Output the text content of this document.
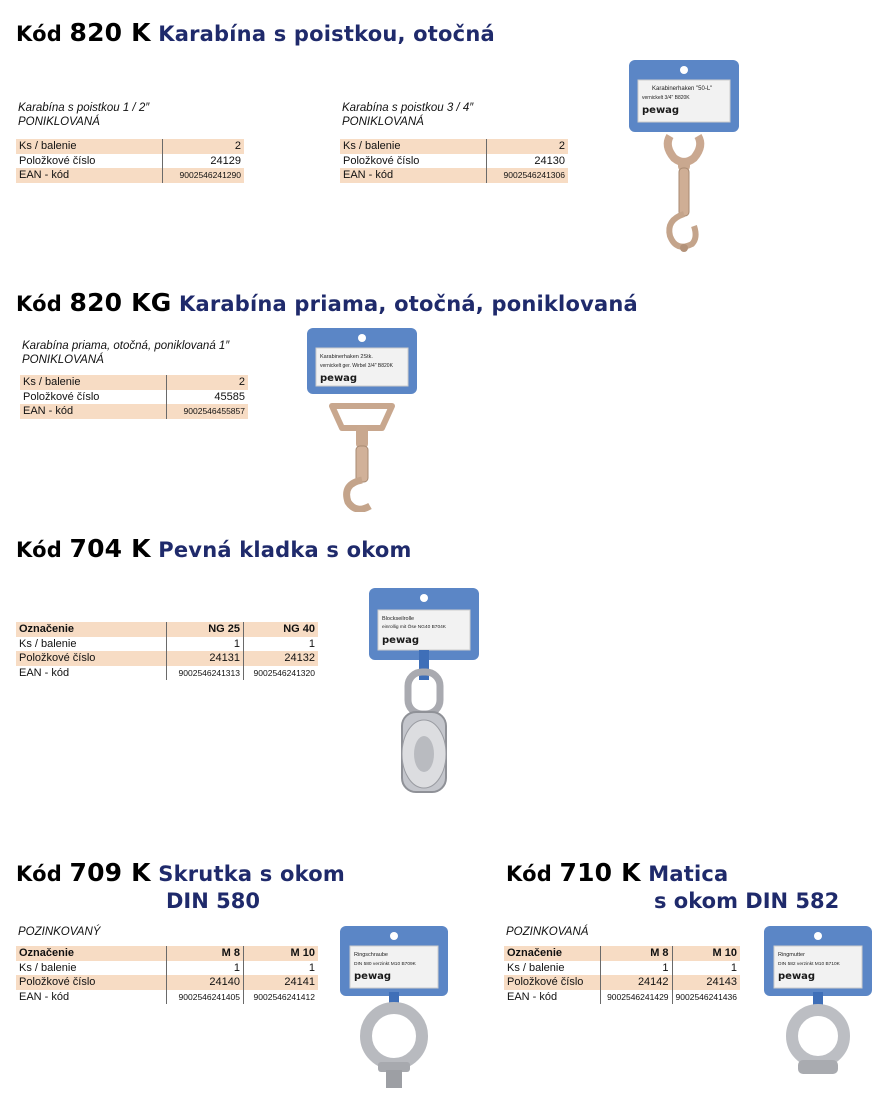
Kód 820 K Karabína s poistkou, otočná
Karabína s poistkou 1 / 2″
PONIKLOVANÁ
Ks / balenie	2
Položkové číslo	24129
EAN - kód	9002546241290
Karabína s poistkou 3 / 4″
PONIKLOVANÁ
Ks / balenie	2
Položkové číslo	24130
EAN - kód	9002546241306
Karabinerhaken "50-L"
vernickelt 3/4" B820K
pewag
Kód 820 KG Karabína priama, otočná, poniklovaná
Karabína priama, otočná, poniklovaná 1″
PONIKLOVANÁ
Ks / balenie	2
Položkové číslo	45585
EAN - kód	9002546455857
Karabinerhaken 2Stk.
vernickelt ger. Wirbel 3/4" B820K
pewag
Kód 704 K Pevná kladka s okom
Označenie	NG 25	NG 40
Ks / balenie	1	1
Položkové číslo	24131	24132
EAN - kód	9002546241313	9002546241320
Blockseilrolle
einrollig mit Öse NG40 B704K
pewag
Kód 709 K Skrutka s okom
DIN 580
POZINKOVANÝ
Označenie	M 8	M 10
Ks / balenie	1	1
Položkové číslo	24140	24141
EAN - kód	9002546241405	9002546241412
Ringschraube
DIN 580 verzinkt M10 B709K
pewag
Kód 710 K Matica
s okom DIN 582
POZINKOVANÁ
Označenie	M 8	M 10
Ks / balenie	1	1
Položkové číslo	24142	24143
EAN - kód	9002546241429	9002546241436
Ringmutter
DIN 582 verzinkt M10 B710K
pewag
